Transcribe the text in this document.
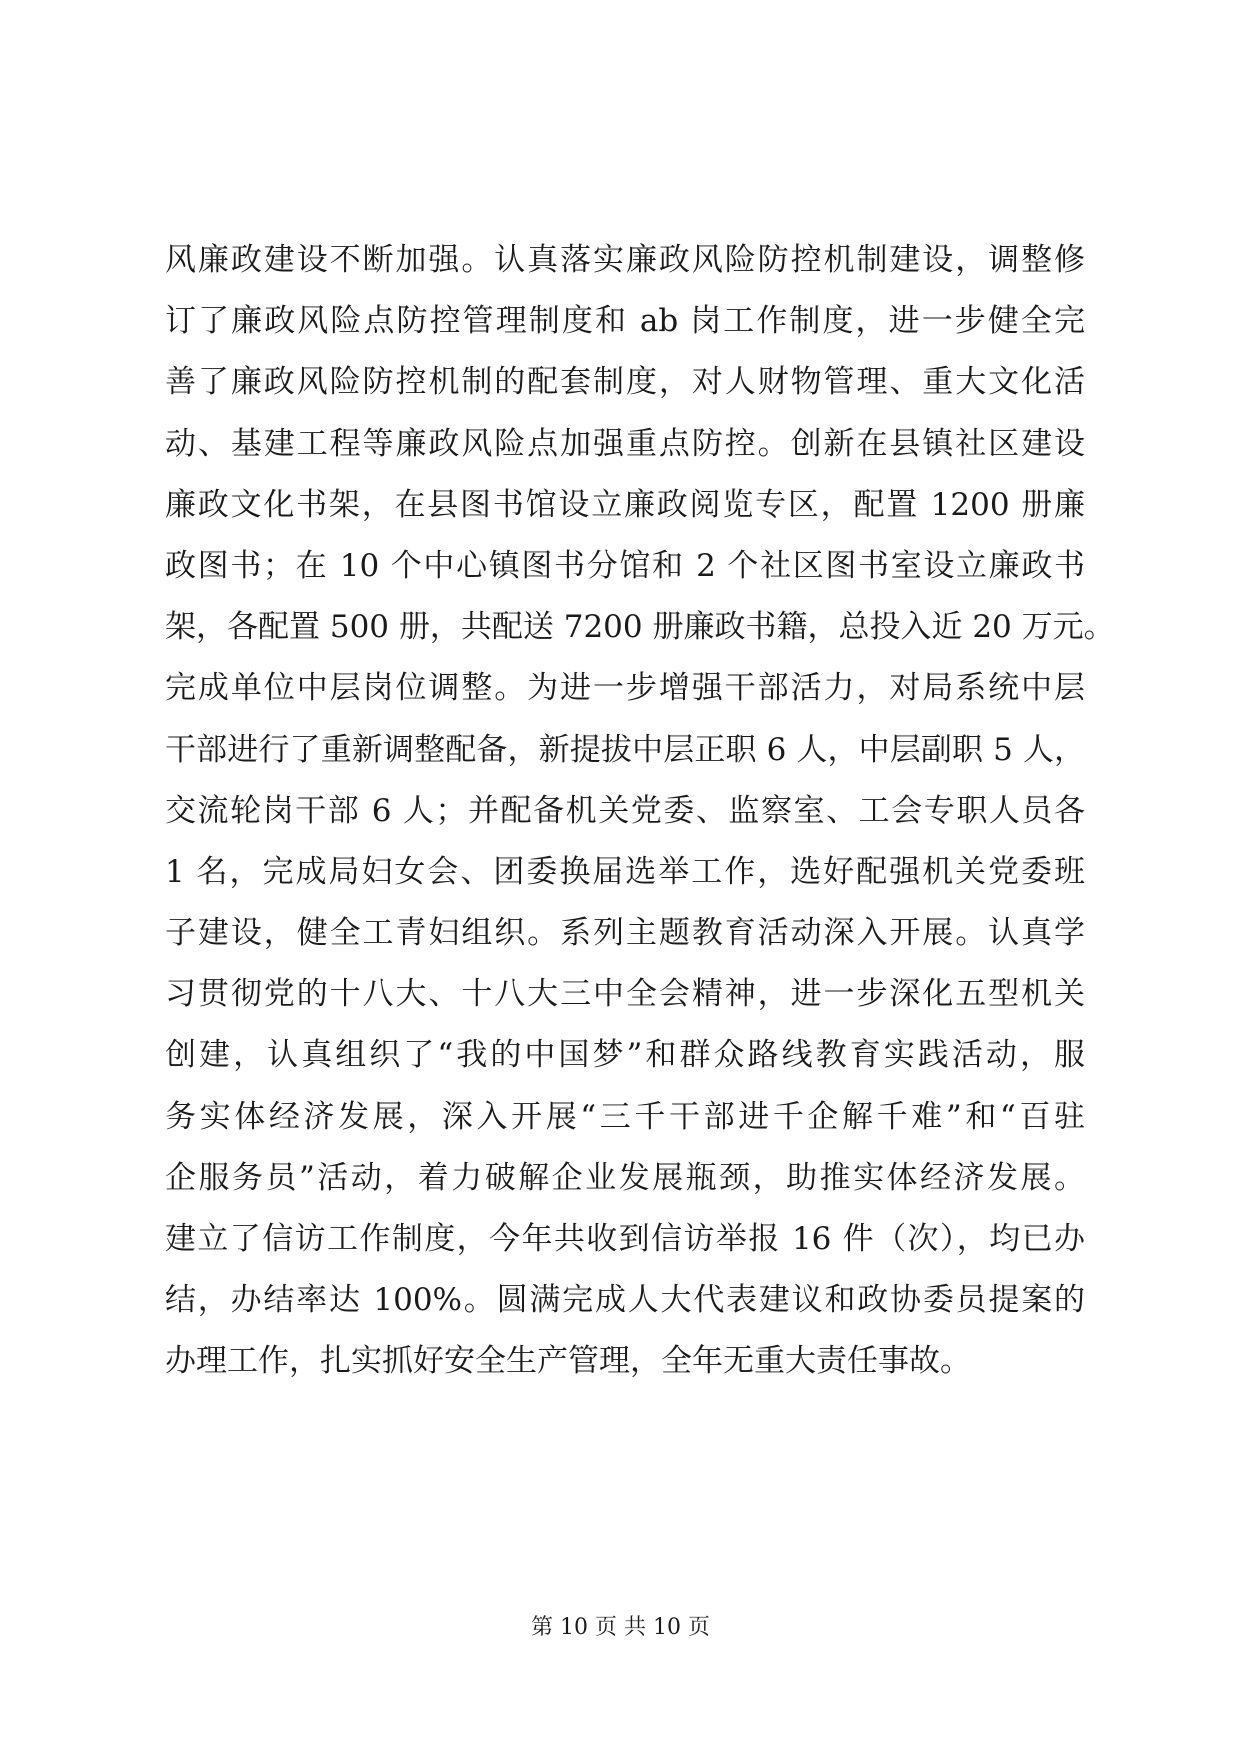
风廉政建设不断加强。认真落实廉政风险防控机制建设，调整修
订了廉政风险点防控管理制度和 ab 岗工作制度，进一步健全完
善了廉政风险防控机制的配套制度，对人财物管理、重大文化活
动、基建工程等廉政风险点加强重点防控。创新在县镇社区建设
廉政文化书架，在县图书馆设立廉政阅览专区，配置 1200 册廉
政图书；在 10 个中心镇图书分馆和 2 个社区图书室设立廉政书
架，各配置 500 册，共配送 7200 册廉政书籍，总投入近 20 万元。
完成单位中层岗位调整。为进一步增强干部活力，对局系统中层
干部进行了重新调整配备，新提拔中层正职 6 人，中层副职 5 人，
交流轮岗干部 6 人；并配备机关党委、监察室、工会专职人员各
1 名，完成局妇女会、团委换届选举工作，选好配强机关党委班
子建设，健全工青妇组织。系列主题教育活动深入开展。认真学
习贯彻党的十八大、十八大三中全会精神，进一步深化五型机关
创建，认真组织了“我的中国梦”和群众路线教育实践活动，服
务实体经济发展，深入开展“三千干部进千企解千难”和“百驻
企服务员”活动，着力破解企业发展瓶颈，助推实体经济发展。
建立了信访工作制度，今年共收到信访举报 16 件（次），均已办
结，办结率达 100%。圆满完成人大代表建议和政协委员提案的
办理工作，扎实抓好安全生产管理，全年无重大责任事故。
第 10 页 共 10 页
